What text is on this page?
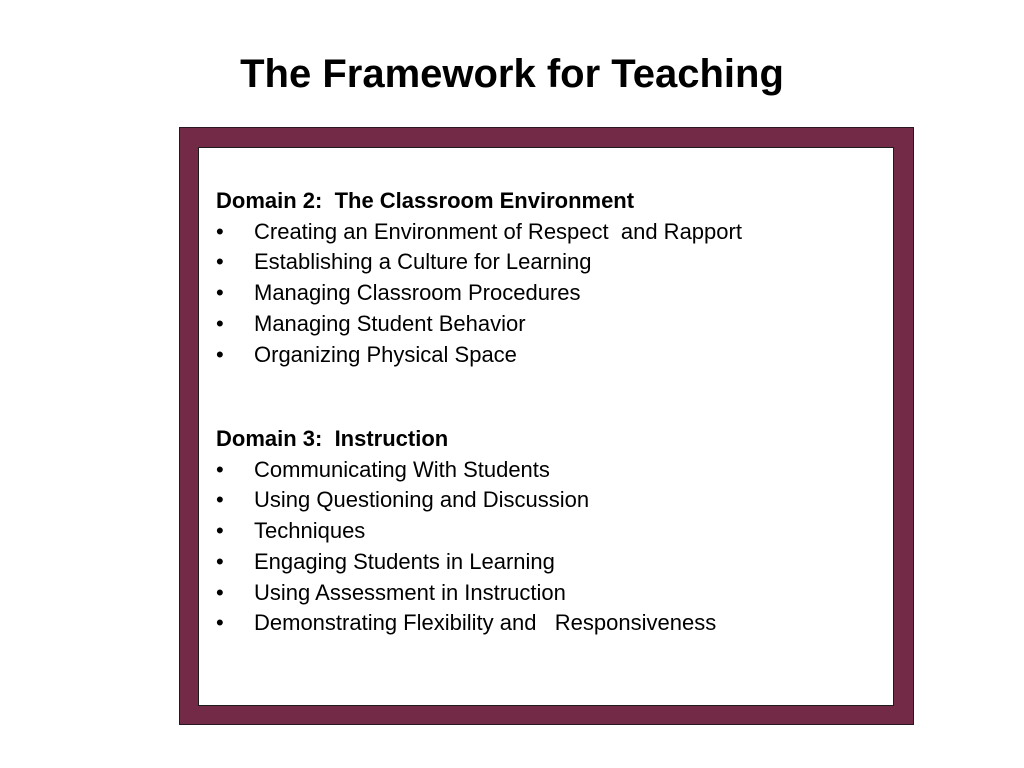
The Framework for Teaching

Domain 2:  The Classroom Environment

• Creating an Environment of Respect  and Rapport
• Establishing a Culture for Learning
• Managing Classroom Procedures
• Managing Student Behavior
• Organizing Physical Space

Domain 3:  Instruction

• Communicating With Students
• Using Questioning and Discussion
• Techniques
• Engaging Students in Learning
• Using Assessment in Instruction
• Demonstrating Flexibility and   Responsiveness
